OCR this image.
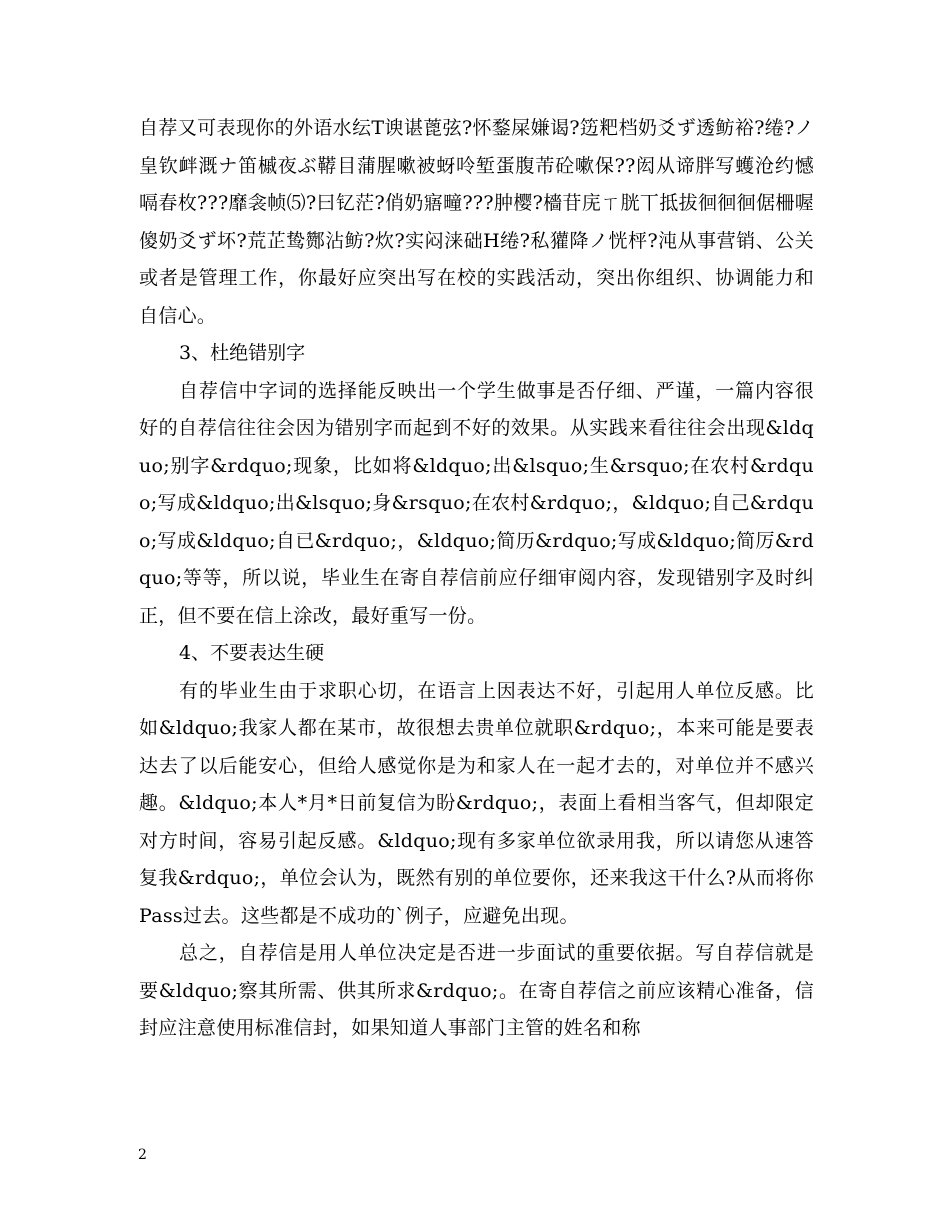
自荐又可表现你的外语水纭Τ谀谌蓖弦?怀鍪屎嫌谒?笾粑档奶爻ず透鲂裕?绻?ノ皇钦衅溉ナ笛槭夜ぶ鞯目蒲腥嗽被蚜呤堑蛋腹芾砼嗽保??闳从谛胖写蠖沧约憾嗝春枚???靡衾帧⑸?曰钇茫?俏奶寤疃???肿樱?檣苷庑ㄒ胱丅抵拔徊徊徊倨柵喔傻奶爻ず坏?荒芷鸷酂沾鲂?炊?实闷涞础Η绻?私獾降ノ恍枰?沌从事营销、公关或者是管理工作，你最好应突出写在校的实践活动，突出你组织、协调能力和自信心。

3、杜绝错别字

自荐信中字词的选择能反映出一个学生做事是否仔细、严谨，一篇内容很好的自荐信往往会因为错别字而起到不好的效果。从实践来看往往会出现&ldquo;别字&rdquo;现象，比如将&ldquo;出&lsquo;生&rsquo;在农村&rdquo;写成&ldquo;出&lsquo;身&rsquo;在农村&rdquo;，&ldquo;自己&rdquo;写成&ldquo;自已&rdquo;，&ldquo;简历&rdquo;写成&ldquo;简厉&rdquo;等等，所以说，毕业生在寄自荐信前应仔细审阅内容，发现错别字及时纠正，但不要在信上涂改，最好重写一份。

4、不要表达生硬

有的毕业生由于求职心切，在语言上因表达不好，引起用人单位反感。比如&ldquo;我家人都在某市，故很想去贵单位就职&rdquo;，本来可能是要表达去了以后能安心，但给人感觉你是为和家人在一起才去的，对单位并不感兴趣。&ldquo;本人*月*日前复信为盼&rdquo;，表面上看相当客气，但却限定对方时间，容易引起反感。&ldquo;现有多家单位欲录用我，所以请您从速答复我&rdquo;，单位会认为，既然有别的单位要你，还来我这干什么?从而将你Pass过去。这些都是不成功的`例子，应避免出现。

总之，自荐信是用人单位决定是否进一步面试的重要依据。写自荐信就是要&ldquo;察其所需、供其所求&rdquo;。在寄自荐信之前应该精心准备，信封应注意使用标准信封，如果知道人事部门主管的姓名和称

2
